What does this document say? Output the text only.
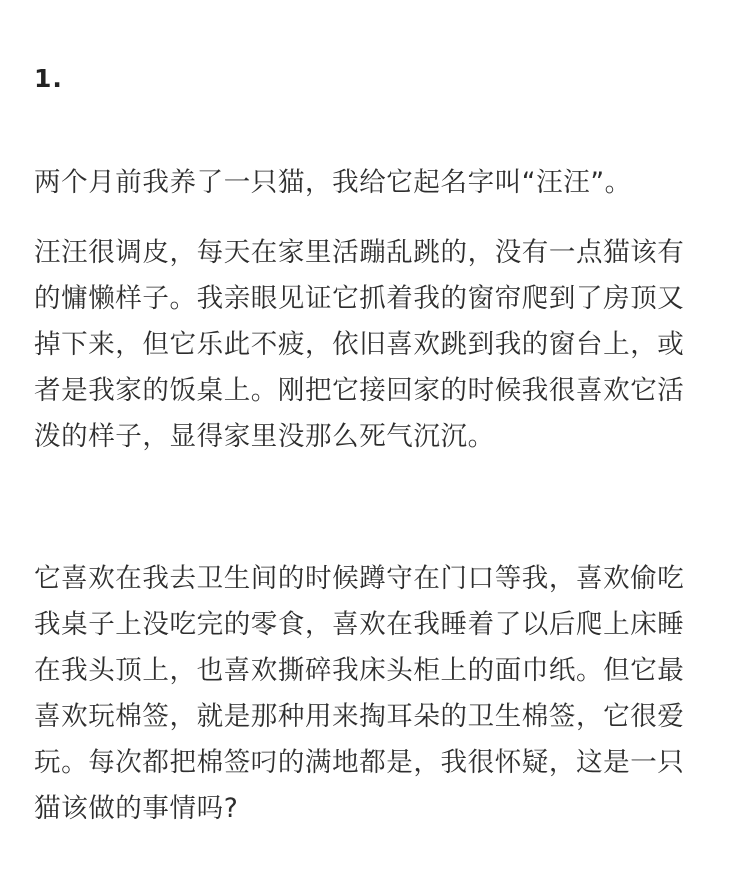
1.

两个月前我养了一只猫，我给它起名字叫“汪汪”。

汪汪很调皮，每天在家里活蹦乱跳的，没有一点猫该有
的慵懒样子。我亲眼见证它抓着我的窗帘爬到了房顶又
掉下来，但它乐此不疲，依旧喜欢跳到我的窗台上，或
者是我家的饭桌上。刚把它接回家的时候我很喜欢它活
泼的样子，显得家里没那么死气沉沉。

它喜欢在我去卫生间的时候蹲守在门口等我，喜欢偷吃
我桌子上没吃完的零食，喜欢在我睡着了以后爬上床睡
在我头顶上，也喜欢撕碎我床头柜上的面巾纸。但它最
喜欢玩棉签，就是那种用来掏耳朵的卫生棉签，它很爱
玩。每次都把棉签叼的满地都是，我很怀疑，这是一只
猫该做的事情吗?
